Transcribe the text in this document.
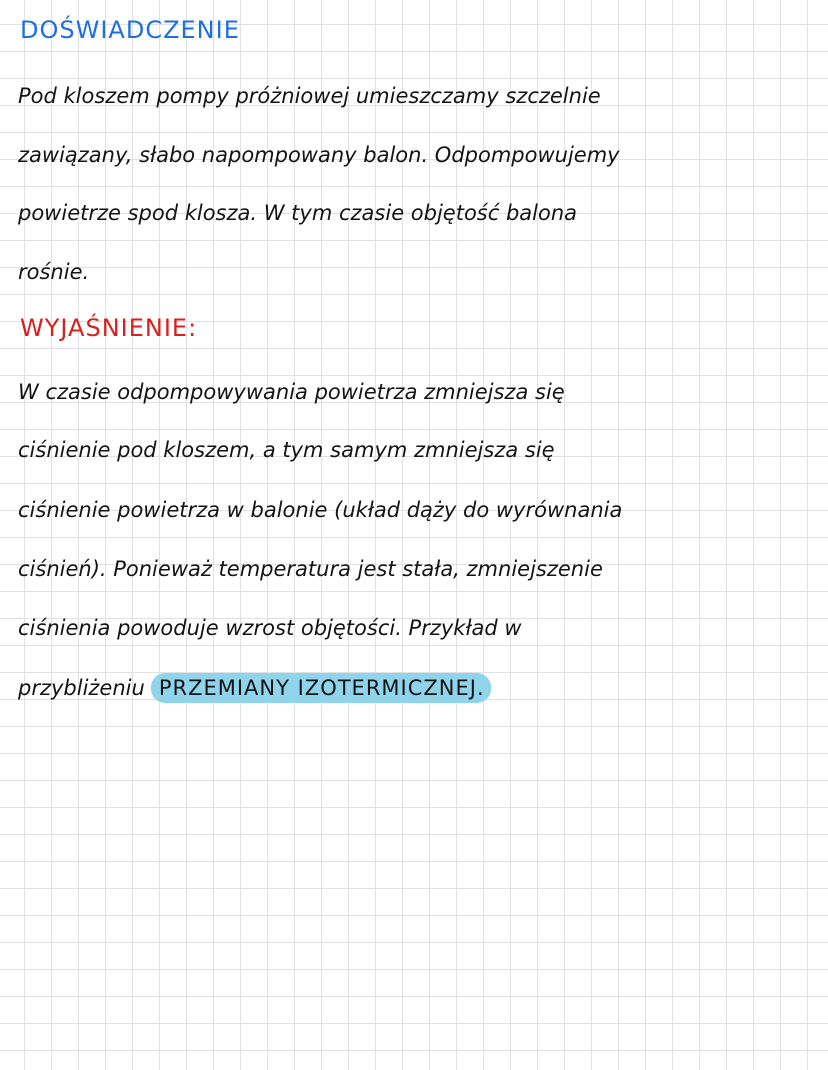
DOŚWIADCZENIE

Pod kloszem pompy próżniowej umieszczamy szczelnie

zawiązany, słabo napompowany balon. Odpompowujemy

powietrze spod klosza. W tym czasie objętość balona

rośnie.

WYJAŚNIENIE:

W czasie odpompowywania powietrza zmniejsza się

ciśnienie pod kloszem, a tym samym zmniejsza się

ciśnienie powietrza w balonie (układ dąży do wyrównania

ciśnień). Ponieważ temperatura jest stała, zmniejszenie

ciśnienia powoduje wzrost objętości. Przykład w

przybliżeniu PRZEMIANY IZOTERMICZNEJ.
